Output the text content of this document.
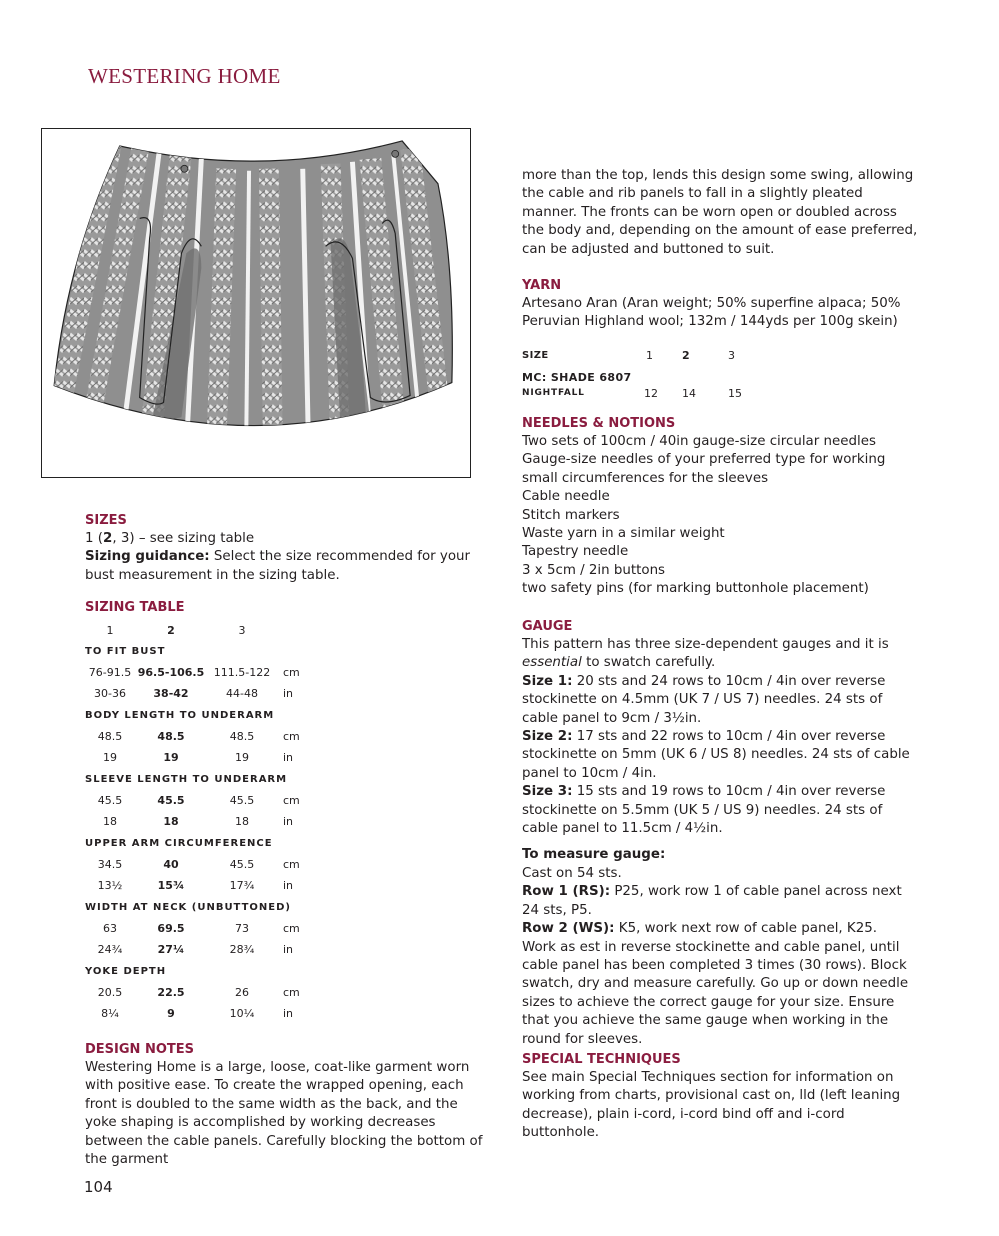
WESTERING HOME

more than the top, lends this design some swing, allowing the cable and rib panels to fall in a slightly pleated manner. The fronts can be worn open or doubled across the body and, depending on the amount of ease preferred, can be adjusted and buttoned to suit.

YARN

Artesano Aran (Aran weight; 50% superfine alpaca; 50% Peruvian Highland wool; 132m / 144yds per 100g skein)

SIZE	1	2	3
MC: SHADE 6807
NIGHTFALL	12	14	15
NEEDLES & NOTIONS
Two sets of 100cm / 40in gauge-size circular needles
Gauge-size needles of your preferred type for working small circumferences for the sleeves
Cable needle
Stitch markers
Waste yarn in a similar weight
Tapestry needle
3 x 5cm / 2in buttons
two safety pins (for marking buttonhole placement)
GAUGE

This pattern has three size-dependent gauges and it is essential to swatch carefully.

Size 1: 20 sts and 24 rows to 10cm / 4in over reverse stockinette on 4.5mm (UK 7 / US 7) needles. 24 sts of cable panel to 9cm / 3½in.

Size 2: 17 sts and 22 rows to 10cm / 4in over reverse stockinette on 5mm (UK 6 / US 8) needles. 24 sts of cable panel to 10cm / 4in.

Size 3: 15 sts and 19 rows to 10cm / 4in over reverse stockinette on 5.5mm (UK 5 / US 9) needles. 24 sts of cable panel to 11.5cm / 4½in.

To measure gauge:

Cast on 54 sts.

Row 1 (RS): P25, work row 1 of cable panel across next 24 sts, P5.

Row 2 (WS): K5, work next row of cable panel, K25.

Work as est in reverse stockinette and cable panel, until cable panel has been completed 3 times (30 rows). Block swatch, dry and measure carefully. Go up or down needle sizes to achieve the correct gauge for your size. Ensure that you achieve the same gauge when working in the round for sleeves.

SPECIAL TECHNIQUES

See main Special Techniques section for information on working from charts, provisional cast on, lld (left leaning decrease), plain i-cord, i-cord bind off and i-cord buttonhole.

SIZES

1 (2, 3) – see sizing table

Sizing guidance: Select the size recommended for your bust measurement in the sizing table.

SIZING TABLE
1	2	3
TO FIT BUST
76-91.5 96.5-106.5 111.5-122	cm
30-36	38-42	44-48	in
BODY LENGTH TO UNDERARM
48.5	48.5	48.5	cm
19	19	19	in
SLEEVE LENGTH TO UNDERARM
45.5	45.5	45.5	cm
18	18	18	in
UPPER ARM CIRCUMFERENCE
34.5	40	45.5	cm
13½	15¾	17¾	in
WIDTH AT NECK (UNBUTTONED)
63	69.5	73	cm
24¾	27¼	28¾	in
YOKE DEPTH
20.5	22.5	26	cm
8¼	9	10¼	in
DESIGN NOTES

Westering Home is a large, loose, coat-like garment worn with positive ease. To create the wrapped opening, each front is doubled to the same width as the back, and the yoke shaping is accomplished by working decreases between the cable panels. Carefully blocking the bottom of the garment

104
